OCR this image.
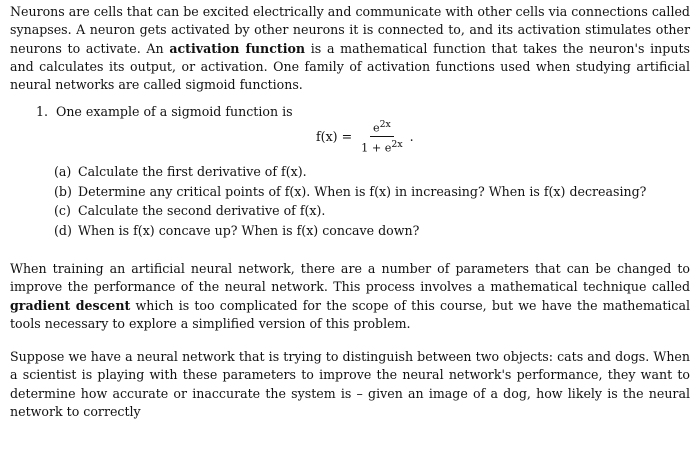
Neurons are cells that can be excited electrically and communicate with other cells via connections called synapses. A neuron gets activated by other neurons it is connected to, and its activation stimulates other neurons to activate. An activation function is a mathematical function that takes the neuron's inputs and calculates its output, or activation. One family of activation functions used when studying artificial neural networks are called sigmoid functions.

1. One example of a sigmoid function is
$f(x) = \frac{e^{2x}}{1 + e^{2x}}$ .
(a) Calculate the first derivative of f(x).
(b) Determine any critical points of f(x). When is f(x) in increasing? When is f(x) decreasing?
(c) Calculate the second derivative of f(x).
(d) When is f(x) concave up? When is f(x) concave down?

When training an artificial neural network, there are a number of parameters that can be changed to improve the performance of the neural network. This process involves a mathematical technique called gradient descent which is too complicated for the scope of this course, but we have the mathematical tools necessary to explore a simplified version of this problem.

Suppose we have a neural network that is trying to distinguish between two objects: cats and dogs. When a scientist is playing with these parameters to improve the neural network's performance, they want to determine how accurate or inaccurate the system is – given an image of a dog, how likely is the neural network to correctly
